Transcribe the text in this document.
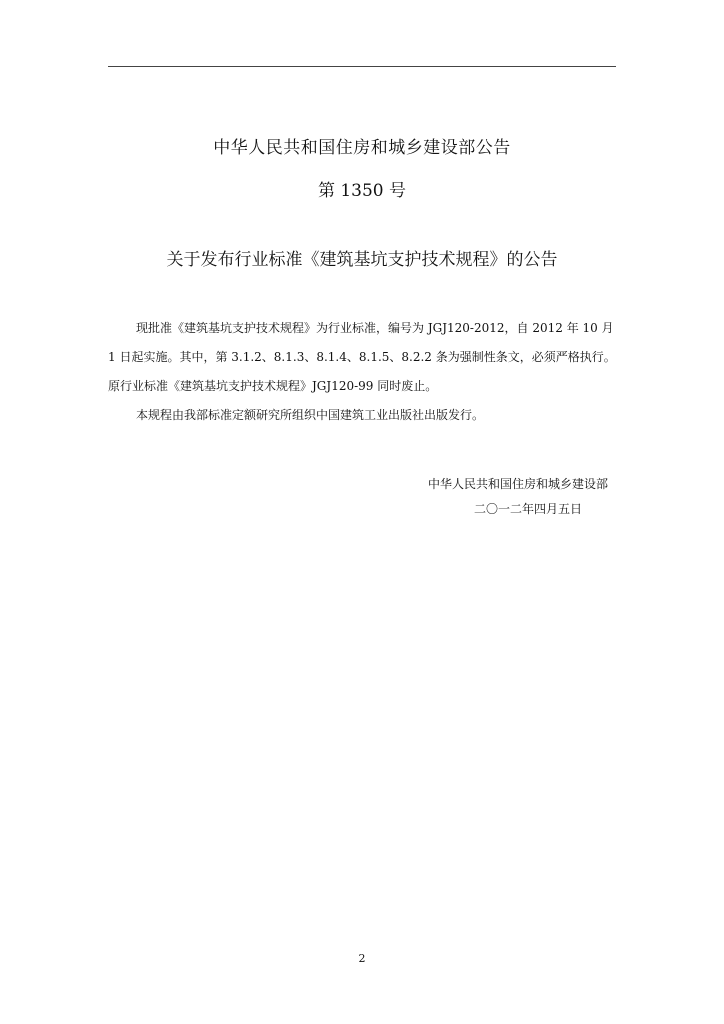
中华人民共和国住房和城乡建设部公告
第 1350 号
关于发布行业标准《建筑基坑支护技术规程》的公告
现批准《建筑基坑支护技术规程》为行业标准，编号为 JGJ120-2012，自 2012 年 10 月
1 日起实施。其中，第 3.1.2、8.1.3、8.1.4、8.1.5、8.2.2 条为强制性条文，必须严格执行。
原行业标准《建筑基坑支护技术规程》JGJ120-99 同时废止。
本规程由我部标准定额研究所组织中国建筑工业出版社出版发行。
中华人民共和国住房和城乡建设部
二〇一二年四月五日
2
